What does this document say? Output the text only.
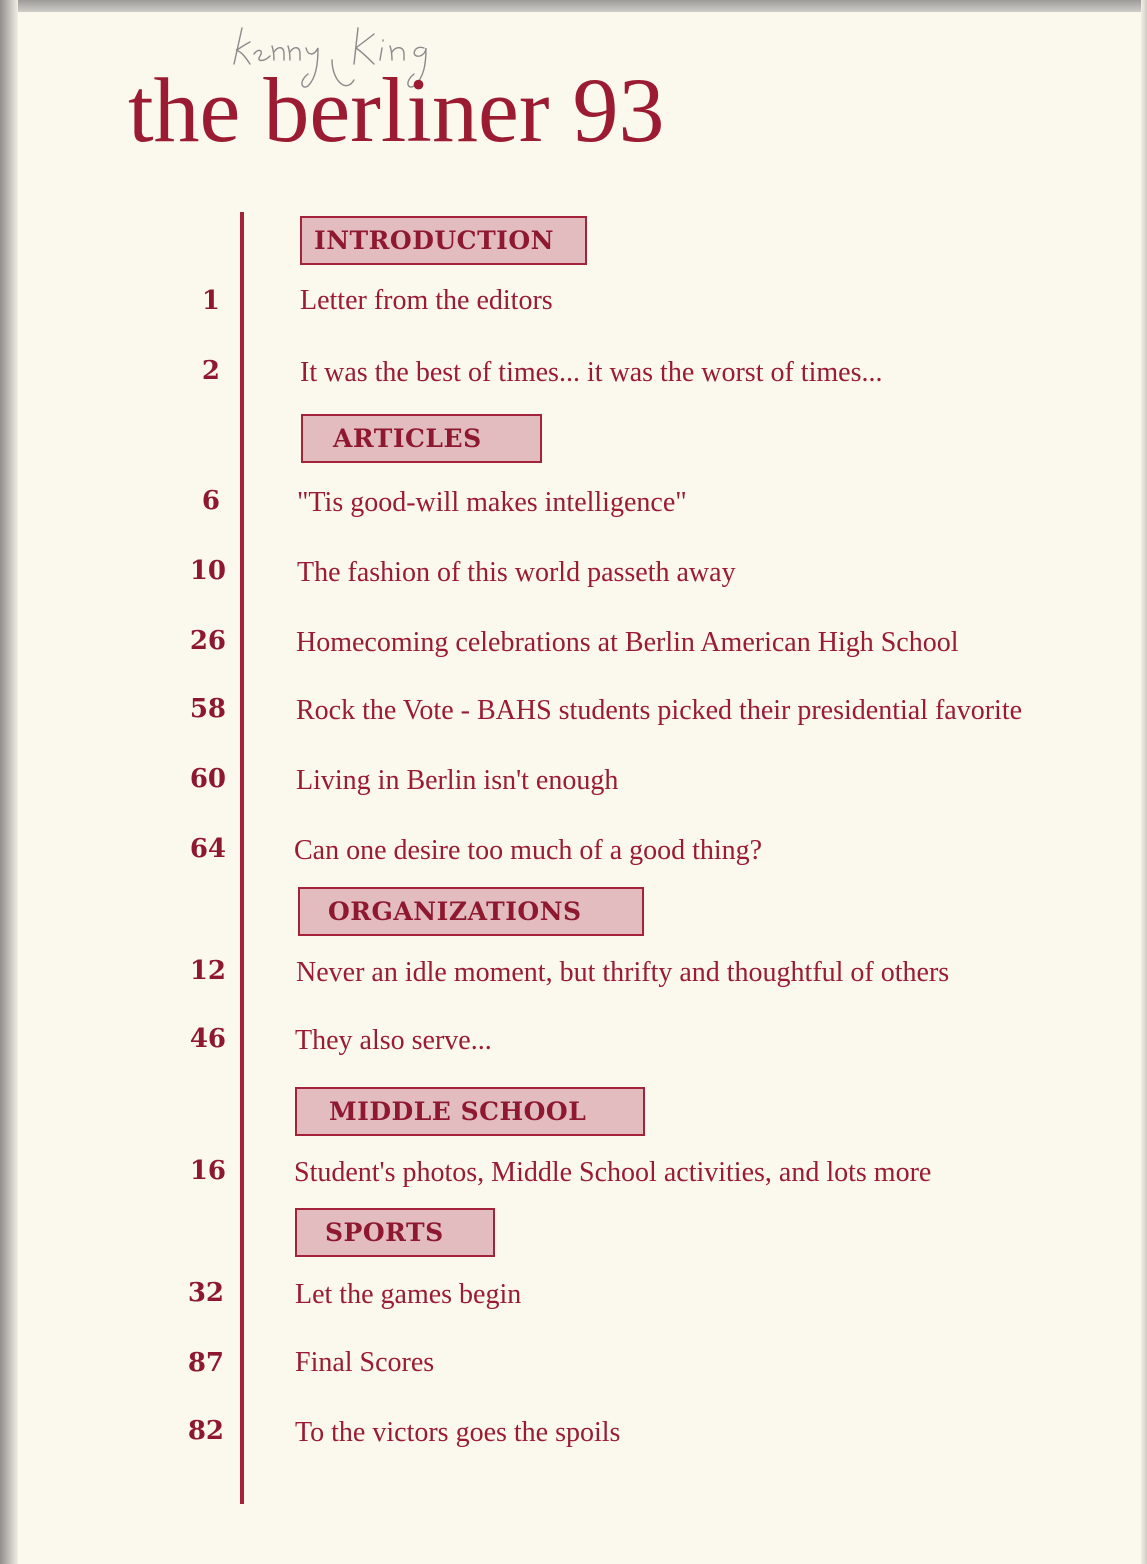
the berliner 93
INTRODUCTION
1	Letter from the editors
2	It was the best of times... it was the worst of times...
ARTICLES
6	"Tis good-will makes intelligence"
10	The fashion of this world passeth away
26	Homecoming celebrations at Berlin American High School
58	Rock the Vote - BAHS students picked their presidential favorite
60	Living in Berlin isn't enough
64 Can one desire too much of a good thing?
ORGANIZATIONS
12	Never an idle moment, but thrifty and thoughtful of others
46 They also serve...
MIDDLE SCHOOL
16 Student's photos, Middle School activities, and lots more
SPORTS
32	Let the games begin
87	Final Scores
82	To the victors goes the spoils
